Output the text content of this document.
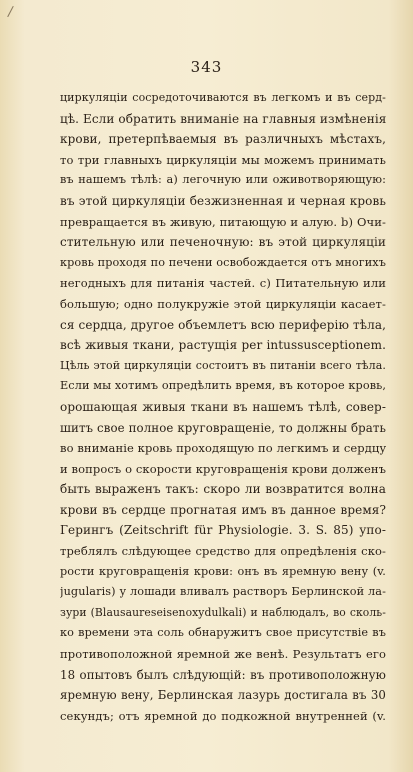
/
343
циркуляціи сосредоточиваются въ легкомъ и въ серд-
цѣ. Если обратить вниманіе на главныя измѣненія
крови, претерпѣваемыя въ различныхъ мѣстахъ,
то три главныхъ циркуляціи мы можемъ принимать
въ нашемъ тѣлѣ: а) легочную или оживотворяющую:
въ этой циркуляціи безжизненная и черная кровь
превращается въ живую, питающую и алую. b) Очи-
стительную или печеночную: въ этой циркуляціи
кровь проходя по печени освобождается отъ многихъ
негодныхъ для питанія частей. с) Питательную или
большую; одно полукружіе этой циркуляціи касает-
ся сердца, другое объемлетъ всю периферію тѣла,
всѣ живыя ткани, растущія per intussusceptionem.
Цѣль этой циркуляціи состоитъ въ питаніи всего тѣла.
Если мы хотимъ опредѣлить время, въ которое кровь,
орошающая живыя ткани въ нашемъ тѣлѣ, совер-
шитъ свое полное круговращеніе, то должны брать
во вниманіе кровь проходящую по легкимъ и сердцу
и вопросъ о скорости круговращенія крови долженъ
быть выраженъ такъ: скоро ли возвратится волна
крови въ сердце прогнатая имъ въ данное время?
Герингъ (Zeitschrift für Physiologie. 3. S. 85) упо-
треблялъ слѣдующее средство для опредѣленія ско-
рости круговращенія крови: онъ въ яремную вену (v.
jugularis) у лошади вливалъ растворъ Берлинской ла-
зури (Blausaureseisenoxydulkali) и наблюдалъ, во сколь-
ко времени эта соль обнаружитъ свое присутствіе въ
противоположной яремной же венѣ. Результатъ его
18 опытовъ былъ слѣдующій: въ противоположную
яремную вену, Берлинская лазурь достигала въ 30
секундъ; отъ яремной до подкожной внутренней (v.
